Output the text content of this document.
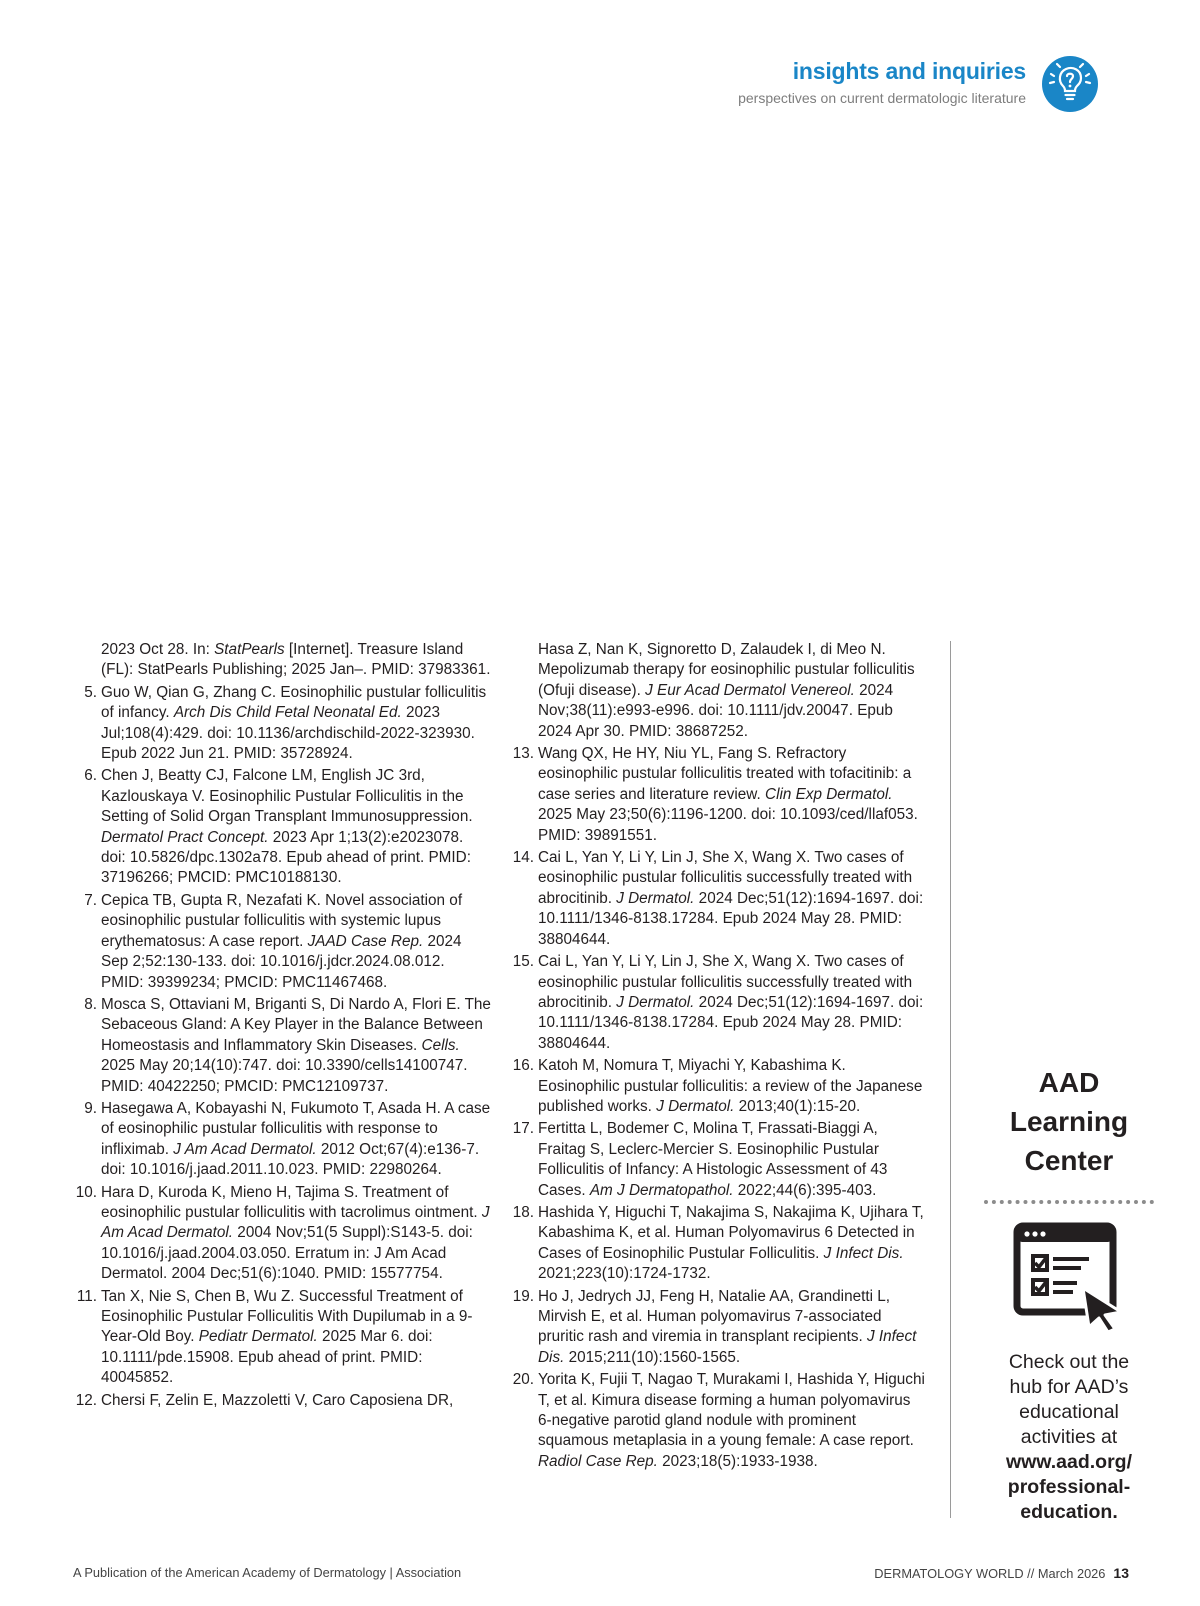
insights and inquiries
perspectives on current dermatologic literature
2023 Oct 28. In: StatPearls [Internet]. Treasure Island (FL): StatPearls Publishing; 2025 Jan–. PMID: 37983361.
5. Guo W, Qian G, Zhang C. Eosinophilic pustular folliculitis of infancy. Arch Dis Child Fetal Neonatal Ed. 2023 Jul;108(4):429. doi: 10.1136/archdischild-2022-323930. Epub 2022 Jun 21. PMID: 35728924.
6. Chen J, Beatty CJ, Falcone LM, English JC 3rd, Kazlouskaya V. Eosinophilic Pustular Folliculitis in the Setting of Solid Organ Transplant Immunosuppression. Dermatol Pract Concept. 2023 Apr 1;13(2):e2023078. doi: 10.5826/dpc.1302a78. Epub ahead of print. PMID: 37196266; PMCID: PMC10188130.
7. Cepica TB, Gupta R, Nezafati K. Novel association of eosinophilic pustular folliculitis with systemic lupus erythematosus: A case report. JAAD Case Rep. 2024 Sep 2;52:130-133. doi: 10.1016/j.jdcr.2024.08.012. PMID: 39399234; PMCID: PMC11467468.
8. Mosca S, Ottaviani M, Briganti S, Di Nardo A, Flori E. The Sebaceous Gland: A Key Player in the Balance Between Homeostasis and Inflammatory Skin Diseases. Cells. 2025 May 20;14(10):747. doi: 10.3390/cells14100747. PMID: 40422250; PMCID: PMC12109737.
9. Hasegawa A, Kobayashi N, Fukumoto T, Asada H. A case of eosinophilic pustular folliculitis with response to infliximab. J Am Acad Dermatol. 2012 Oct;67(4):e136-7. doi: 10.1016/j.jaad.2011.10.023. PMID: 22980264.
10. Hara D, Kuroda K, Mieno H, Tajima S. Treatment of eosinophilic pustular folliculitis with tacrolimus ointment. J Am Acad Dermatol. 2004 Nov;51(5 Suppl):S143-5. doi: 10.1016/j.jaad.2004.03.050. Erratum in: J Am Acad Dermatol. 2004 Dec;51(6):1040. PMID: 15577754.
11. Tan X, Nie S, Chen B, Wu Z. Successful Treatment of Eosinophilic Pustular Folliculitis With Dupilumab in a 9-Year-Old Boy. Pediatr Dermatol. 2025 Mar 6. doi: 10.1111/pde.15908. Epub ahead of print. PMID: 40045852.
12. Chersi F, Zelin E, Mazzoletti V, Caro Caposiena DR,
Hasa Z, Nan K, Signoretto D, Zalaudek I, di Meo N. Mepolizumab therapy for eosinophilic pustular folliculitis (Ofuji disease). J Eur Acad Dermatol Venereol. 2024 Nov;38(11):e993-e996. doi: 10.1111/jdv.20047. Epub 2024 Apr 30. PMID: 38687252.
13. Wang QX, He HY, Niu YL, Fang S. Refractory eosinophilic pustular folliculitis treated with tofacitinib: a case series and literature review. Clin Exp Dermatol. 2025 May 23;50(6):1196-1200. doi: 10.1093/ced/llaf053. PMID: 39891551.
14. Cai L, Yan Y, Li Y, Lin J, She X, Wang X. Two cases of eosinophilic pustular folliculitis successfully treated with abrocitinib. J Dermatol. 2024 Dec;51(12):1694-1697. doi: 10.1111/1346-8138.17284. Epub 2024 May 28. PMID: 38804644.
15. Cai L, Yan Y, Li Y, Lin J, She X, Wang X. Two cases of eosinophilic pustular folliculitis successfully treated with abrocitinib. J Dermatol. 2024 Dec;51(12):1694-1697. doi: 10.1111/1346-8138.17284. Epub 2024 May 28. PMID: 38804644.
16. Katoh M, Nomura T, Miyachi Y, Kabashima K. Eosinophilic pustular folliculitis: a review of the Japanese published works. J Dermatol. 2013;40(1):15-20.
17. Fertitta L, Bodemer C, Molina T, Frassati-Biaggi A, Fraitag S, Leclerc-Mercier S. Eosinophilic Pustular Folliculitis of Infancy: A Histologic Assessment of 43 Cases. Am J Dermatopathol. 2022;44(6):395-403.
18. Hashida Y, Higuchi T, Nakajima S, Nakajima K, Ujihara T, Kabashima K, et al. Human Polyomavirus 6 Detected in Cases of Eosinophilic Pustular Folliculitis. J Infect Dis. 2021;223(10):1724-1732.
19. Ho J, Jedrych JJ, Feng H, Natalie AA, Grandinetti L, Mirvish E, et al. Human polyomavirus 7-associated pruritic rash and viremia in transplant recipients. J Infect Dis. 2015;211(10):1560-1565.
20. Yorita K, Fujii T, Nagao T, Murakami I, Hashida Y, Higuchi T, et al. Kimura disease forming a human polyomavirus 6-negative parotid gland nodule with prominent squamous metaplasia in a young female: A case report. Radiol Case Rep. 2023;18(5):1933-1938.
AAD
Learning
Center
Check out the
hub for AAD’s
educational
activities at
www.aad.org/
professional-
education.
A Publication of the American Academy of Dermatology | Association	DERMATOLOGY WORLD // March 2026 13
